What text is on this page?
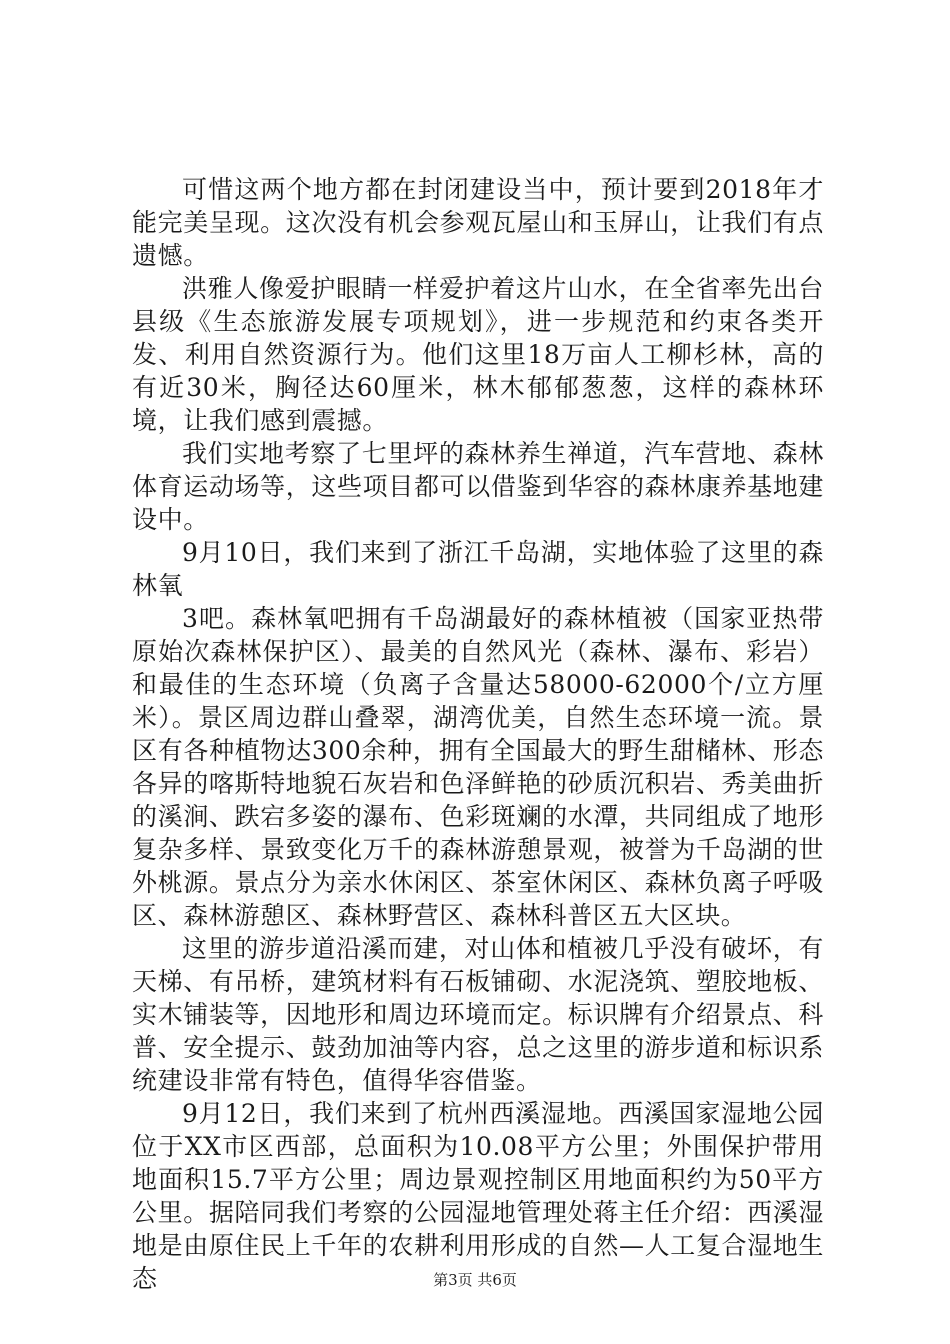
可惜这两个地方都在封闭建设当中，预计要到2018年才能完美呈现。这次没有机会参观瓦屋山和玉屏山，让我们有点遗憾。

洪雅人像爱护眼睛一样爱护着这片山水，在全省率先出台县级《生态旅游发展专项规划》，进一步规范和约束各类开发、利用自然资源行为。他们这里18万亩人工柳杉林，高的有近30米，胸径达60厘米，林木郁郁葱葱，这样的森林环境，让我们感到震撼。

我们实地考察了七里坪的森林养生禅道，汽车营地、森林体育运动场等，这些项目都可以借鉴到华容的森林康养基地建设中。

9月10日，我们来到了浙江千岛湖，实地体验了这里的森林氧

3吧。森林氧吧拥有千岛湖最好的森林植被（国家亚热带原始次森林保护区）、最美的自然风光（森林、瀑布、彩岩）和最佳的生态环境（负离子含量达58000-62000个/立方厘米）。景区周边群山叠翠，湖湾优美，自然生态环境一流。景区有各种植物达300余种，拥有全国最大的野生甜槠林、形态各异的喀斯特地貌石灰岩和色泽鲜艳的砂质沉积岩、秀美曲折的溪涧、跌宕多姿的瀑布、色彩斑斓的水潭，共同组成了地形复杂多样、景致变化万千的森林游憩景观，被誉为千岛湖的世外桃源。景点分为亲水休闲区、茶室休闲区、森林负离子呼吸区、森林游憩区、森林野营区、森林科普区五大区块。

这里的游步道沿溪而建，对山体和植被几乎没有破坏，有天梯、有吊桥，建筑材料有石板铺砌、水泥浇筑、塑胶地板、实木铺装等，因地形和周边环境而定。标识牌有介绍景点、科普、安全提示、鼓劲加油等内容，总之这里的游步道和标识系统建设非常有特色，值得华容借鉴。

9月12日，我们来到了杭州西溪湿地。西溪国家湿地公园位于XX市区西部，总面积为10.08平方公里；外围保护带用地面积15.7平方公里；周边景观控制区用地面积约为50平方公里。据陪同我们考察的公园湿地管理处蒋主任介绍：西溪湿地是由原住民上千年的农耕利用形成的自然—人工复合湿地生态	第3页 共6页
